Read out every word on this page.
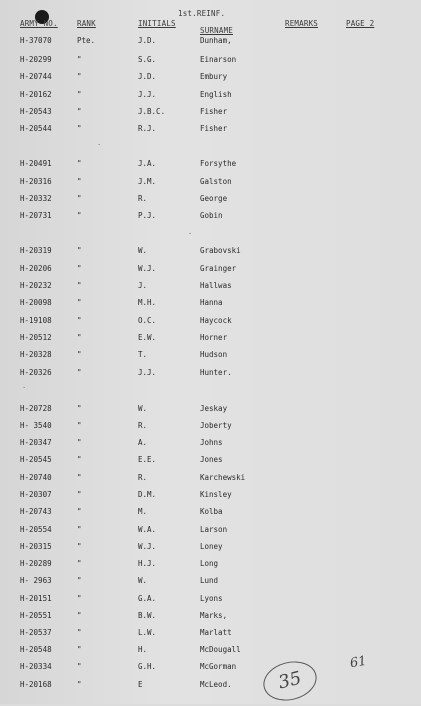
1st.REINF.
ARMY NO.	RANK	INITIALS
SURNAME
REMARKS	PAGE 2
H-37070	Pte.	J.D.	Dunham,
H-20299	"	S.G.	Einarson
H-20744	"	J.D.	Embury
H-20162	"	J.J.	English
H-20543	"	J.B.C.	Fisher
H-20544	"	R.J.	Fisher
H-20491	"	J.A.	Forsythe
H-20316	"	J.M.	Galston
H-20332	"	R.	George
H-20731	"	P.J.	Gobin
H-20319	"	W.	Grabovski
H-20206	"	W.J.	Grainger
H-20232	"	J.	Hallwas
H-20098	"	M.H.	Hanna
H-19108	"	O.C.	Haycock
H-20512	"	E.W.	Horner
H-20328	"	T.	Hudson
H-20326	"	J.J.	Hunter.
H-20728	"	W.	Jeskay
H- 3540	"	R.	Joberty
H-20347	"	A.	Johns
H-20545	"	E.E.	Jones
H-20740	"	R.	Karchewski
H-20307	"	D.M.	Kinsley
H-20743	"	M.	Kolba
H-20554	"	W.A.	Larson
H-20315	"	W.J.	Loney
H-20289	"	H.J.	Long
H- 2963	"	W.	Lund
H-20151	"	G.A.	Lyons
H-20551	"	B.W.	Marks,
H-20537	"	L.W.	Marlatt
H-20548	"	H.	McDougall
H-20334	"	G.H.	McGorman
H-20168	"	E	McLeod.
·
·
·
61
35
